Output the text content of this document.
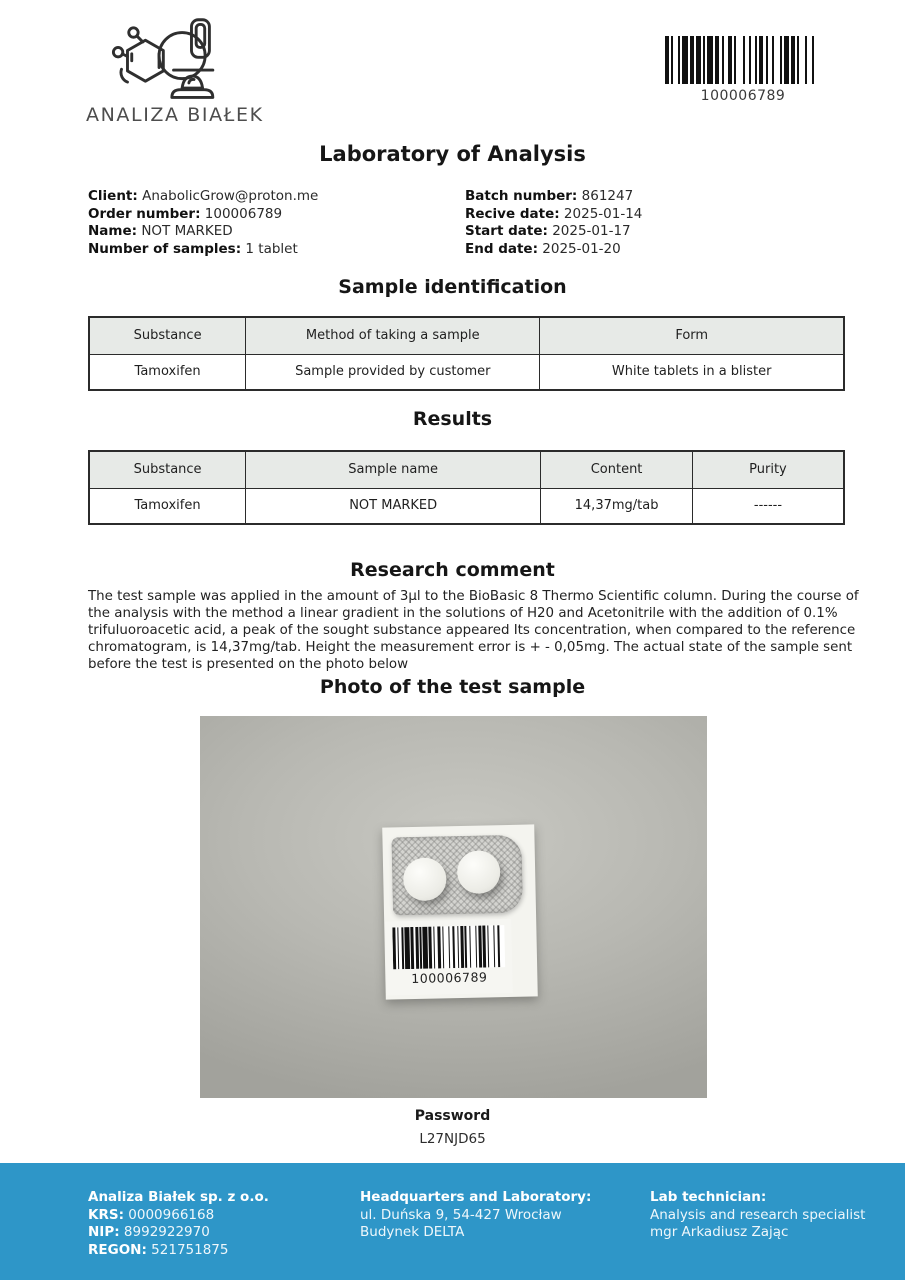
ANALIZA BIAŁEK
100006789
Laboratory of Analysis
Client: AnabolicGrow@proton.me
Order number: 100006789
Name: NOT MARKED
Number of samples: 1 tablet
Batch number: 861247
Recive date: 2025-01-14
Start date: 2025-01-17
End date: 2025-01-20
Sample identification
Substance	Method of taking a sample	Form
Tamoxifen	Sample provided by customer	White tablets in a blister
Results
Substance	Sample name	Content	Purity
Tamoxifen	NOT MARKED	14,37mg/tab	------
Research comment
The test sample was applied in the amount of 3µl to the BioBasic 8 Thermo Scientific column. During the course of the analysis with the method a linear gradient in the solutions of H20 and Acetonitrile with the addition of 0.1% trifuluoroacetic acid, a peak of the sought substance appeared Its concentration, when compared to the reference chromatogram, is 14,37mg/tab. Height the measurement error is + - 0,05mg. The actual state of the sample sent before the test is presented on the photo below
Photo of the test sample
100006789
Password
L27NJD65
Analiza Białek sp. z o.o.
KRS: 0000966168
NIP: 8992922970
REGON: 521751875
Headquarters and Laboratory:
ul. Duńska 9, 54-427 Wrocław
Budynek DELTA
Lab technician:
Analysis and research specialist
mgr Arkadiusz Zając
